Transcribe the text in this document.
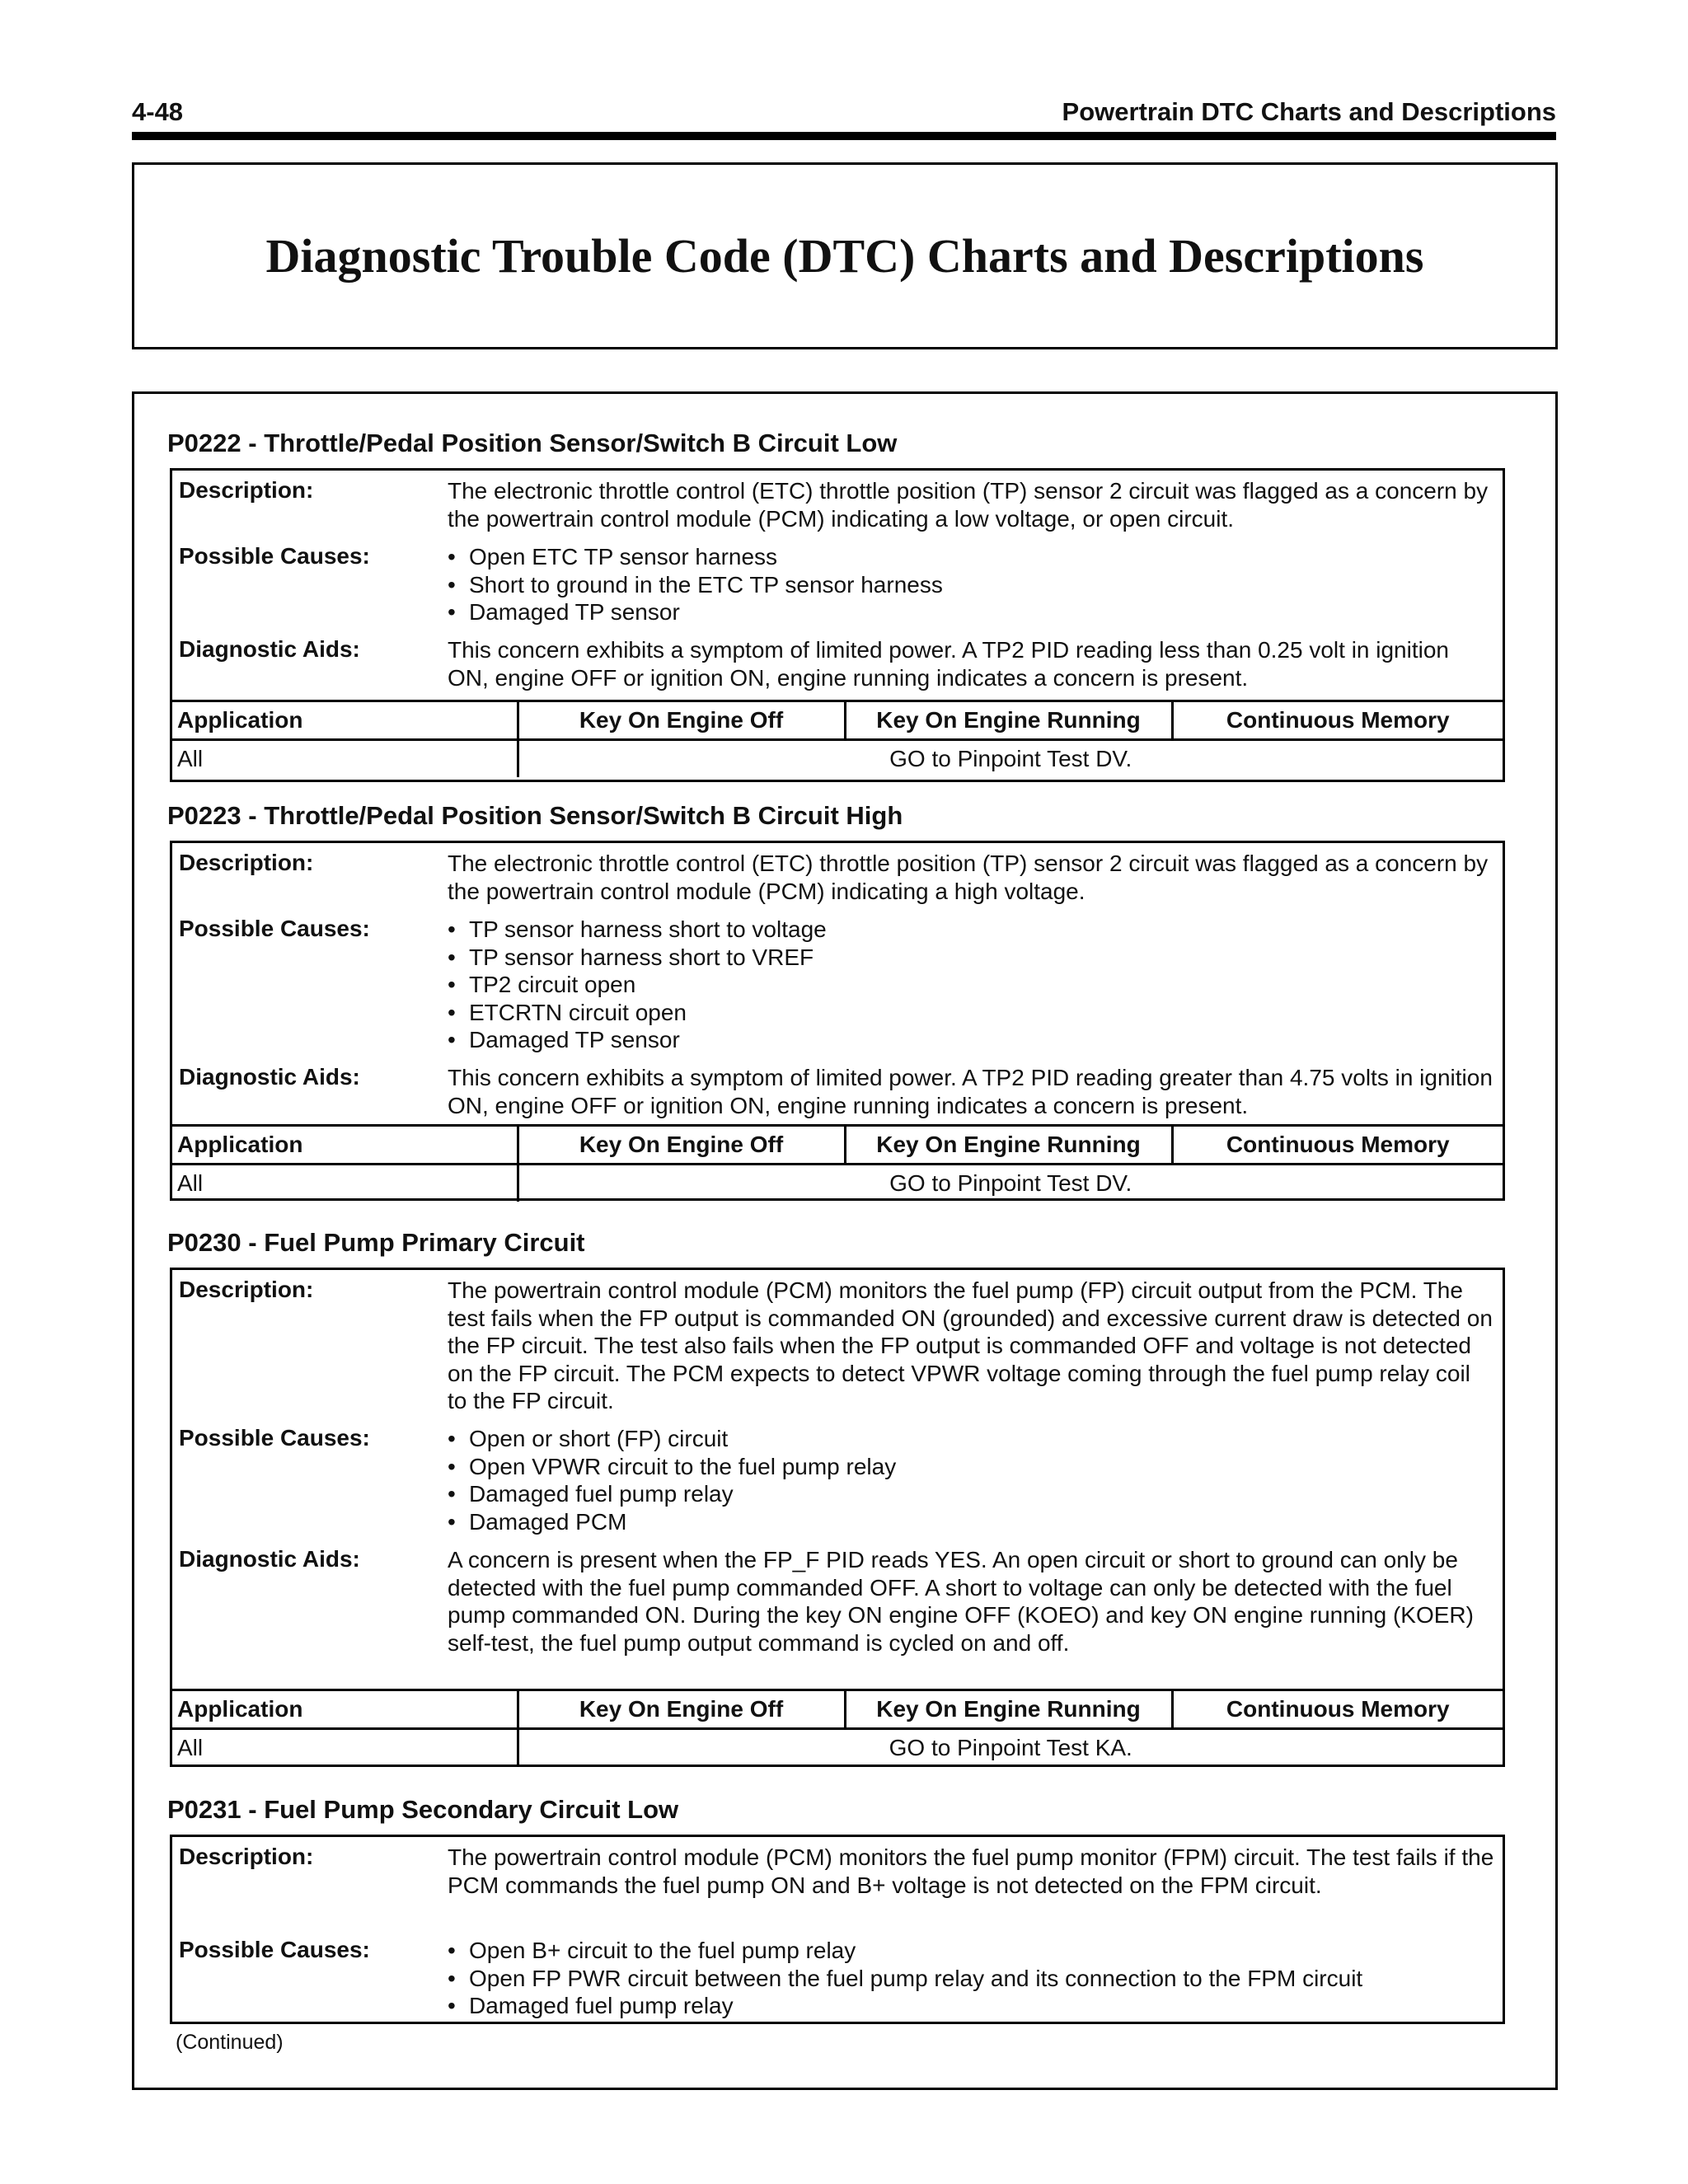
4-48	Powertrain DTC Charts and Descriptions
Diagnostic Trouble Code (DTC) Charts and Descriptions
P0222 - Throttle/Pedal Position Sensor/Switch B Circuit Low
Description:	The electronic throttle control (ETC) throttle position (TP) sensor 2 circuit was flagged as a concern by the powertrain control module (PCM) indicating a low voltage, or open circuit.
Possible Causes:	• Open ETC TP sensor harness
• Short to ground in the ETC TP sensor harness
• Damaged TP sensor
Diagnostic Aids:	This concern exhibits a symptom of limited power. A TP2 PID reading less than 0.25 volt in ignition ON, engine OFF or ignition ON, engine running indicates a concern is present.
Application	Key On Engine Off	Key On Engine Running	Continuous Memory
All	GO to Pinpoint Test DV.		
P0223 - Throttle/Pedal Position Sensor/Switch B Circuit High
Description:	The electronic throttle control (ETC) throttle position (TP) sensor 2 circuit was flagged as a concern by the powertrain control module (PCM) indicating a high voltage.
Possible Causes:	• TP sensor harness short to voltage
• TP sensor harness short to VREF
• TP2 circuit open
• ETCRTN circuit open
• Damaged TP sensor
Diagnostic Aids:	This concern exhibits a symptom of limited power. A TP2 PID reading greater than 4.75 volts in ignition ON, engine OFF or ignition ON, engine running indicates a concern is present.
Application	Key On Engine Off	Key On Engine Running	Continuous Memory
All	GO to Pinpoint Test DV.		
P0230 - Fuel Pump Primary Circuit
Description:	The powertrain control module (PCM) monitors the fuel pump (FP) circuit output from the PCM. The test fails when the FP output is commanded ON (grounded) and excessive current draw is detected on the FP circuit. The test also fails when the FP output is commanded OFF and voltage is not detected on the FP circuit. The PCM expects to detect VPWR voltage coming through the fuel pump relay coil to the FP circuit.
Possible Causes:	• Open or short (FP) circuit
• Open VPWR circuit to the fuel pump relay
• Damaged fuel pump relay
• Damaged PCM
Diagnostic Aids:	A concern is present when the FP_F PID reads YES. An open circuit or short to ground can only be detected with the fuel pump commanded OFF. A short to voltage can only be detected with the fuel pump commanded ON. During the key ON engine OFF (KOEO) and key ON engine running (KOER) self-test, the fuel pump output command is cycled on and off.
Application	Key On Engine Off	Key On Engine Running	Continuous Memory
All	GO to Pinpoint Test KA.		
P0231 - Fuel Pump Secondary Circuit Low
Description:	The powertrain control module (PCM) monitors the fuel pump monitor (FPM) circuit. The test fails if the PCM commands the fuel pump ON and B+ voltage is not detected on the FPM circuit.
Possible Causes:	• Open B+ circuit to the fuel pump relay
• Open FP PWR circuit between the fuel pump relay and its connection to the FPM circuit
• Damaged fuel pump relay
(Continued)
